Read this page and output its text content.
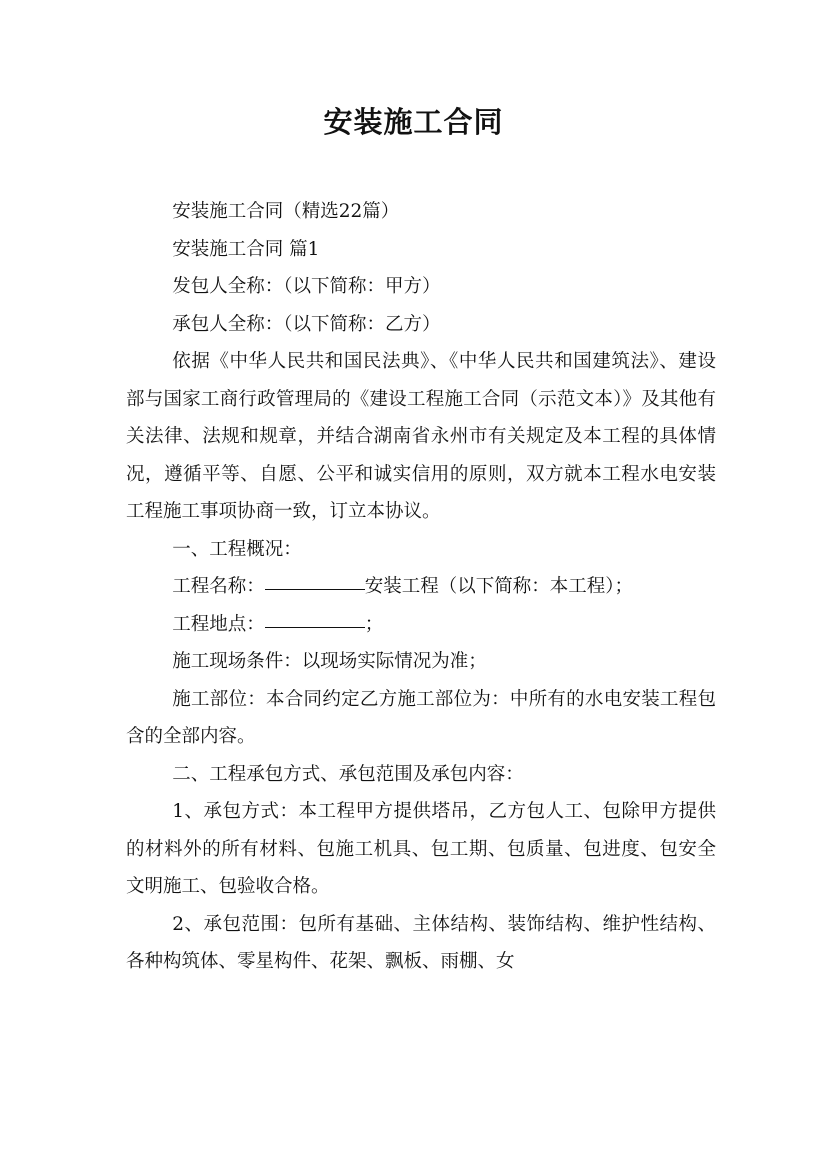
安装施工合同

安装施工合同（精选22篇）

安装施工合同 篇1

发包人全称：（以下简称：甲方）

承包人全称：（以下简称：乙方）

依据《中华人民共和国民法典》、《中华人民共和国建筑法》、建设部与国家工商行政管理局的《建设工程施工合同（示范文本）》及其他有关法律、法规和规章，并结合湖南省永州市有关规定及本工程的具体情况，遵循平等、自愿、公平和诚实信用的原则，双方就本工程水电安装工程施工事项协商一致，订立本协议。

一、工程概况：

工程名称：	安装工程（以下简称：本工程）；

工程地点：	；

施工现场条件：以现场实际情况为准；

施工部位：本合同约定乙方施工部位为：中所有的水电安装工程包含的全部内容。

二、工程承包方式、承包范围及承包内容：

1、承包方式：本工程甲方提供塔吊，乙方包人工、包除甲方提供的材料外的所有材料、包施工机具、包工期、包质量、包进度、包安全文明施工、包验收合格。

2、承包范围：包所有基础、主体结构、装饰结构、维护性结构、各种构筑体、零星构件、花架、飘板、雨棚、女
